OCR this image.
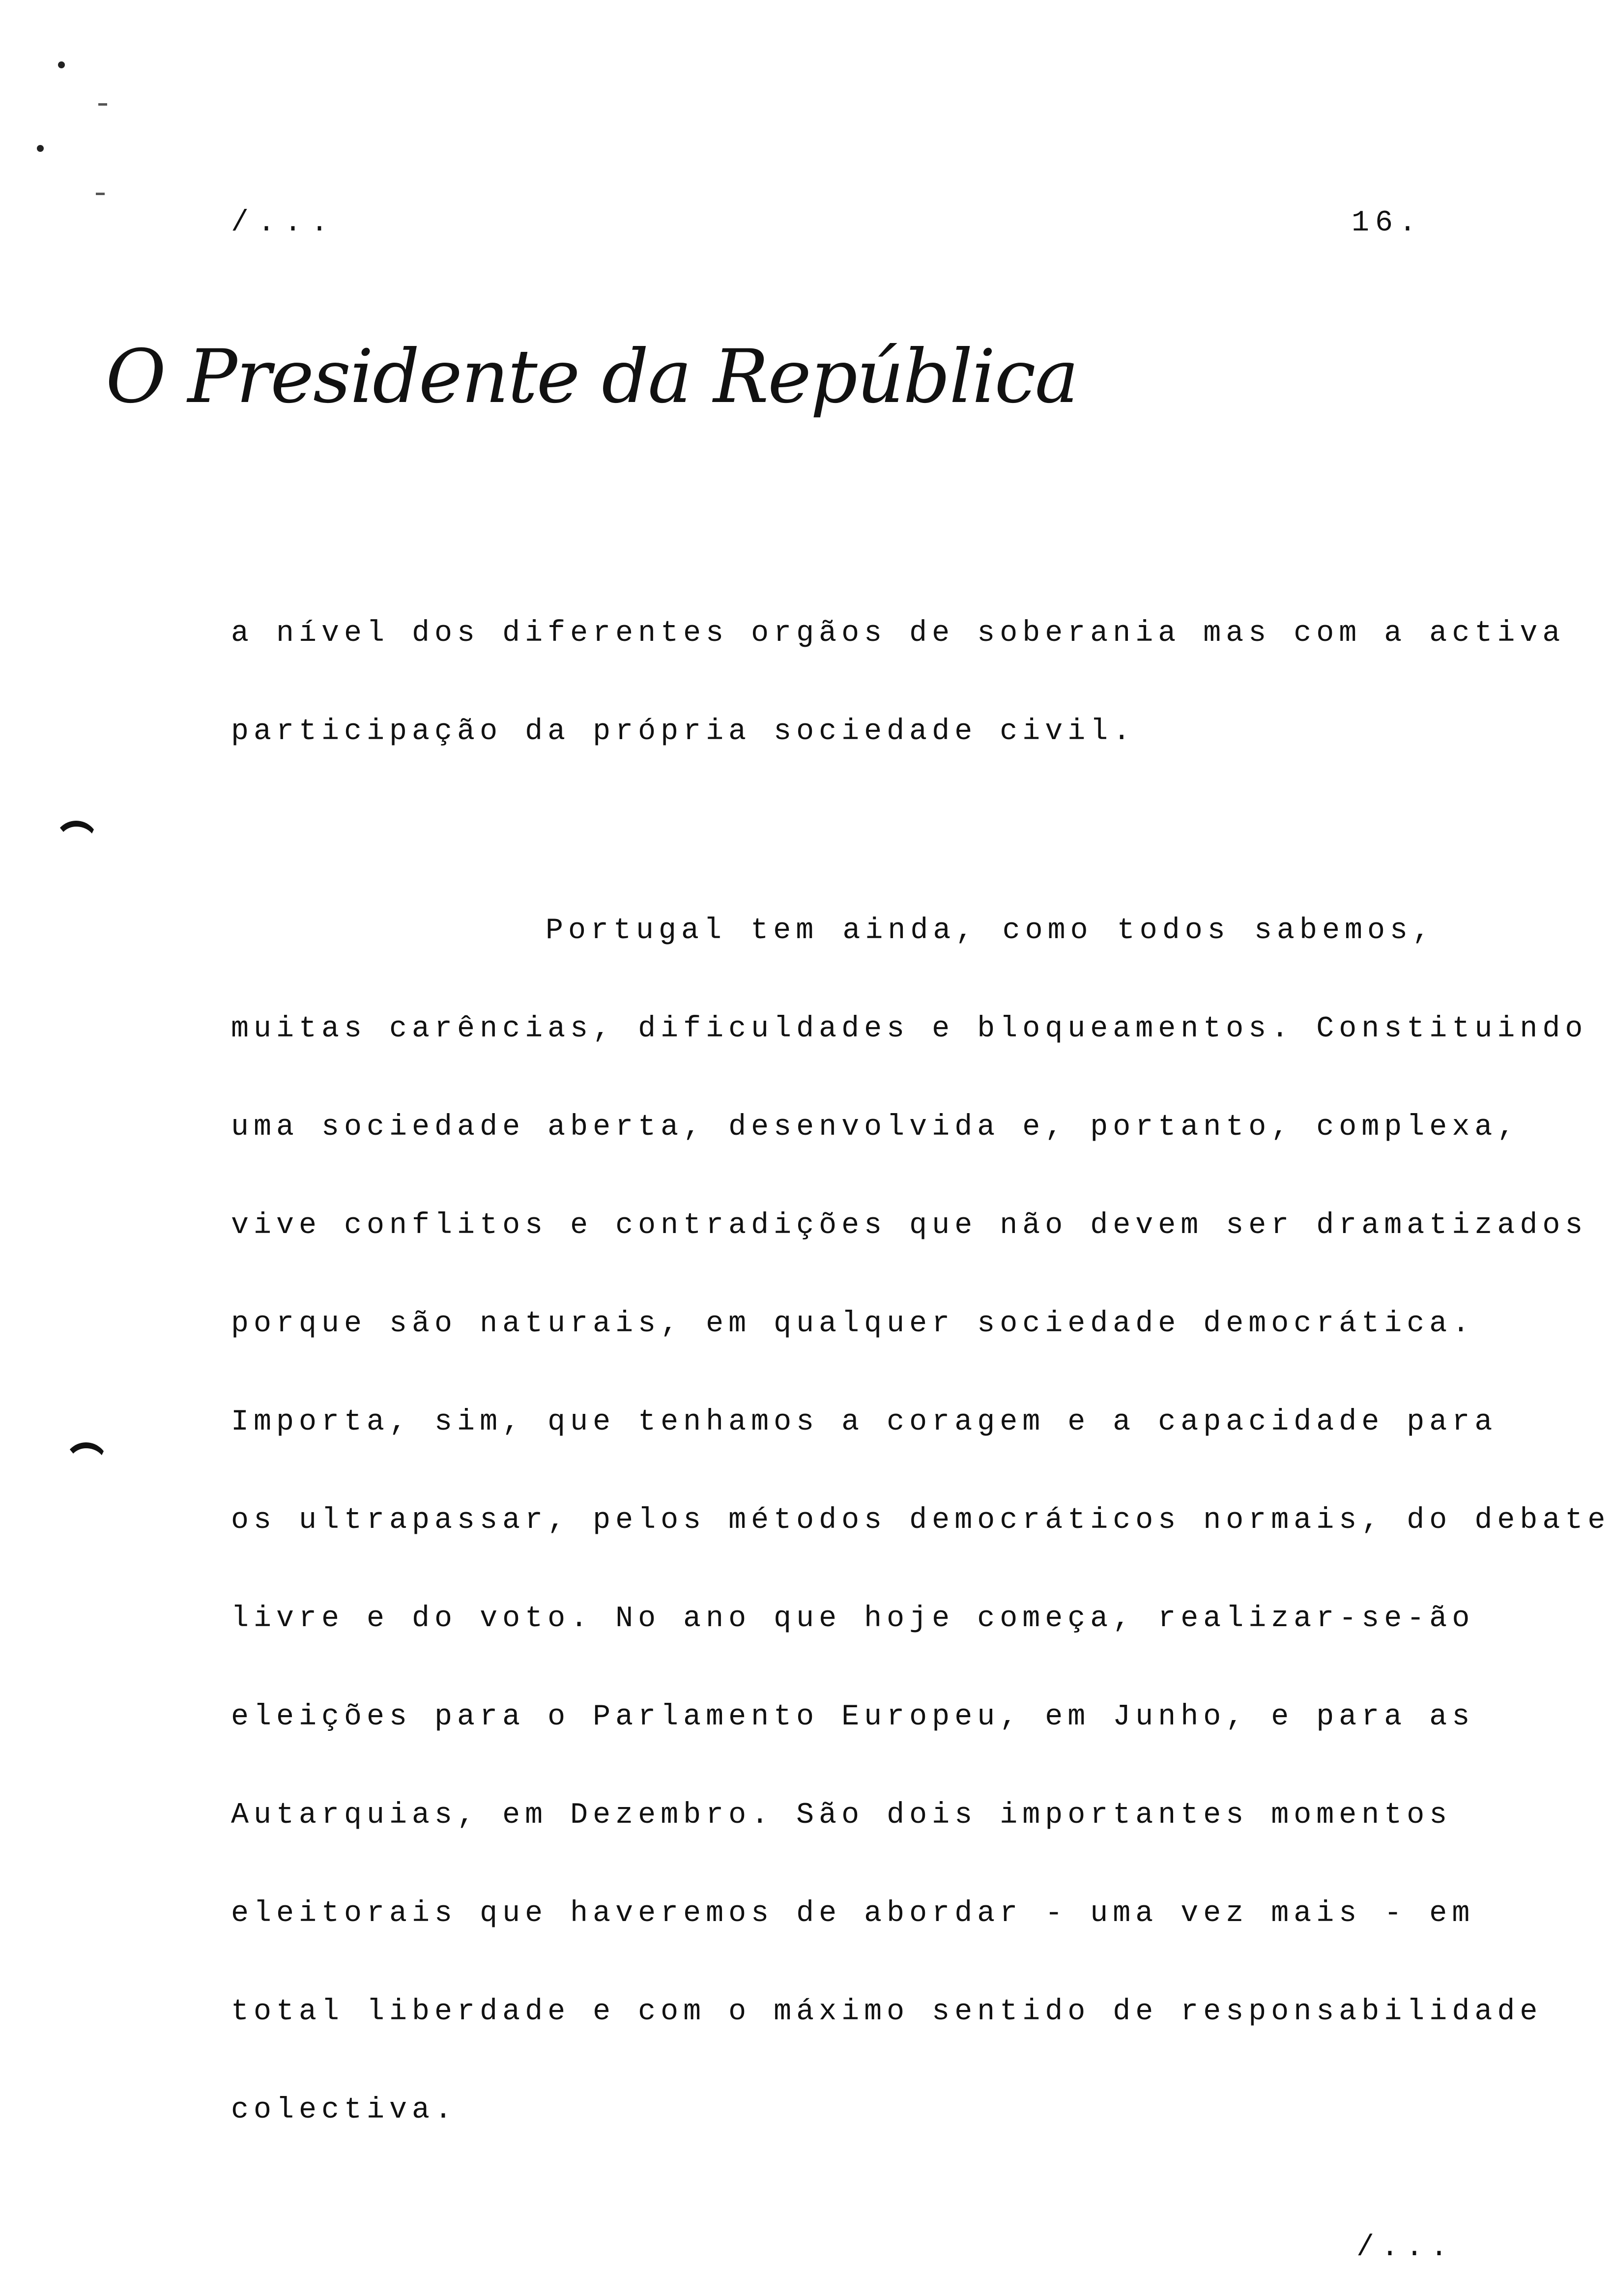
/...	16.
O Presidente da República
a nível dos diferentes orgãos de soberania mas com a activa
participação da própria sociedade civil.
Portugal tem ainda, como todos sabemos,
muitas carências, dificuldades e bloqueamentos. Constituindo
uma sociedade aberta, desenvolvida e, portanto, complexa,
vive conflitos e contradições que não devem ser dramatizados
porque são naturais, em qualquer sociedade democrática.
Importa, sim, que tenhamos a coragem e a capacidade para
os ultrapassar, pelos métodos democráticos normais, do debate
livre e do voto. No ano que hoje começa, realizar-se-ão
eleições para o Parlamento Europeu, em Junho, e para as
Autarquias, em Dezembro. São dois importantes momentos
eleitorais que haveremos de abordar - uma vez mais - em
total liberdade e com o máximo sentido de responsabilidade
colectiva.
/...
